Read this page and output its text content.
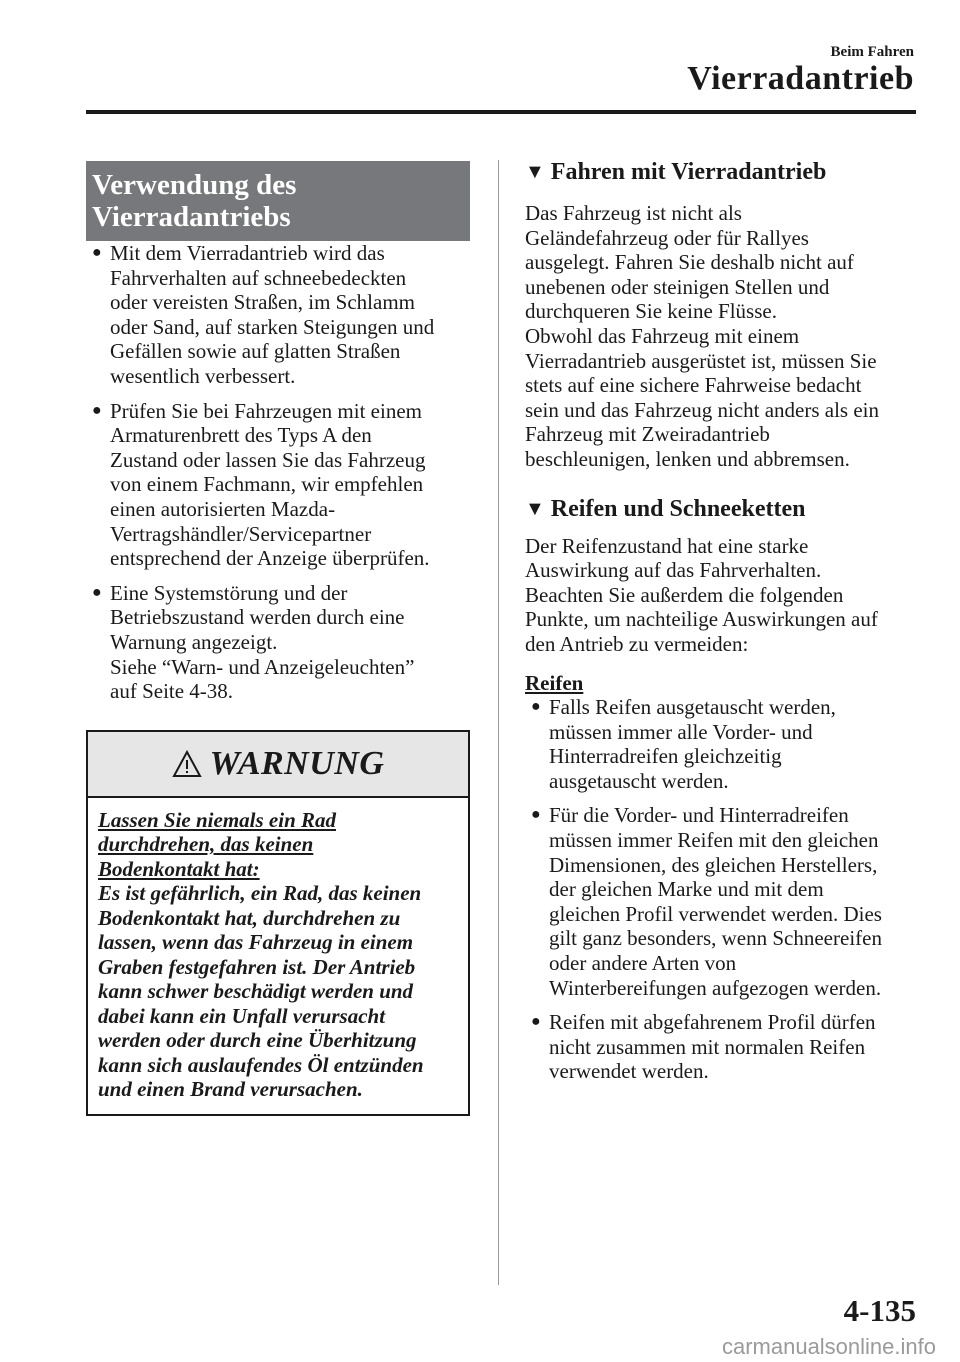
Beim Fahren
Vierradantrieb
Verwendung des
Vierradantriebs
● Mit dem Vierradantrieb wird das
Fahrverhalten auf schneebedeckten
oder vereisten Straßen, im Schlamm
oder Sand, auf starken Steigungen und
Gefällen sowie auf glatten Straßen
wesentlich verbessert.
● Prüfen Sie bei Fahrzeugen mit einem
Armaturenbrett des Typs A den
Zustand oder lassen Sie das Fahrzeug
von einem Fachmann, wir empfehlen
einen autorisierten Mazda-
Vertragshändler/Servicepartner
entsprechend der Anzeige überprüfen.
● Eine Systemstörung und der
Betriebszustand werden durch eine
Warnung angezeigt.
Siehe “Warn- und Anzeigeleuchten”
auf Seite 4-38.
WARNUNG
Lassen Sie niemals ein Rad
durchdrehen, das keinen
Bodenkontakt hat:
Es ist gefährlich, ein Rad, das keinen
Bodenkontakt hat, durchdrehen zu
lassen, wenn das Fahrzeug in einem
Graben festgefahren ist. Der Antrieb
kann schwer beschädigt werden und
dabei kann ein Unfall verursacht
werden oder durch eine Überhitzung
kann sich auslaufendes Öl entzünden
und einen Brand verursachen.
▼ Fahren mit Vierradantrieb
Das Fahrzeug ist nicht als
Geländefahrzeug oder für Rallyes
ausgelegt. Fahren Sie deshalb nicht auf
unebenen oder steinigen Stellen und
durchqueren Sie keine Flüsse.
Obwohl das Fahrzeug mit einem
Vierradantrieb ausgerüstet ist, müssen Sie
stets auf eine sichere Fahrweise bedacht
sein und das Fahrzeug nicht anders als ein
Fahrzeug mit Zweiradantrieb
beschleunigen, lenken und abbremsen.
▼ Reifen und Schneeketten
Der Reifenzustand hat eine starke
Auswirkung auf das Fahrverhalten.
Beachten Sie außerdem die folgenden
Punkte, um nachteilige Auswirkungen auf
den Antrieb zu vermeiden:
Reifen
● Falls Reifen ausgetauscht werden,
müssen immer alle Vorder- und
Hinterradreifen gleichzeitig
ausgetauscht werden.
● Für die Vorder- und Hinterradreifen
müssen immer Reifen mit den gleichen
Dimensionen, des gleichen Herstellers,
der gleichen Marke und mit dem
gleichen Profil verwendet werden. Dies
gilt ganz besonders, wenn Schneereifen
oder andere Arten von
Winterbereifungen aufgezogen werden.
● Reifen mit abgefahrenem Profil dürfen
nicht zusammen mit normalen Reifen
verwendet werden.
4-135
carmanualsonline.info
